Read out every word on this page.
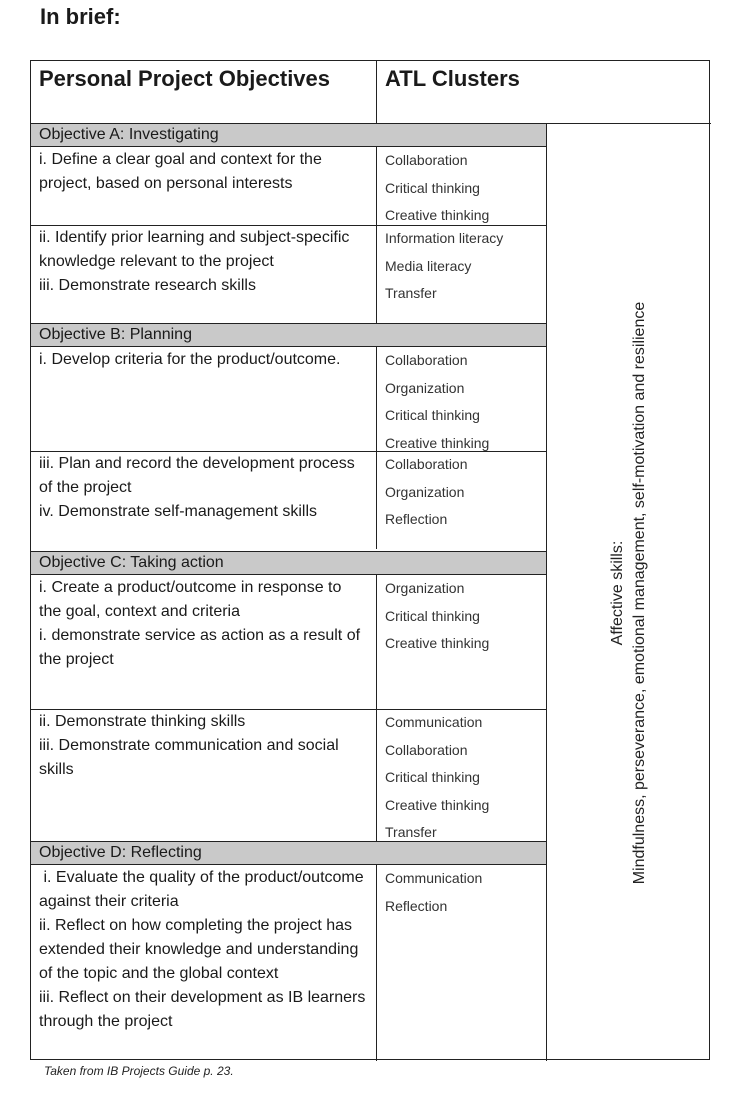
In brief:
Personal Project Objectives	ATL Clusters
Objective A: Investigating
i. Define a clear goal and context for the project, based on personal interests
Collaboration
Critical thinking
Creative thinking
ii. Identify prior learning and subject-specific knowledge relevant to the project
iii. Demonstrate research skills
Information literacy
Media literacy
Transfer
Objective B: Planning
i. Develop criteria for the product/outcome.	Collaboration
Organization
Critical thinking
Creative thinking
iii. Plan and record the development process of the project
iv. Demonstrate self-management skills
Collaboration
Organization
Reflection
Objective C: Taking action
i. Create a product/outcome in response to the goal, context and criteria
i. demonstrate service as action as a result of the project
Organization
Critical thinking
Creative thinking
ii. Demonstrate thinking skills
iii. Demonstrate communication and social skills
Communication
Collaboration
Critical thinking
Creative thinking
Transfer
Objective D: Reflecting
i. Evaluate the quality of the product/outcome against their criteria
ii. Reflect on how completing the project has extended their knowledge and understanding of the topic and the global context
iii. Reflect on their development as IB learners through the project
Communication
Reflection
Affective skills: Mindfulness, perseverance, emotional management, self-motivation and resilience
Taken from IB Projects Guide p. 23.
